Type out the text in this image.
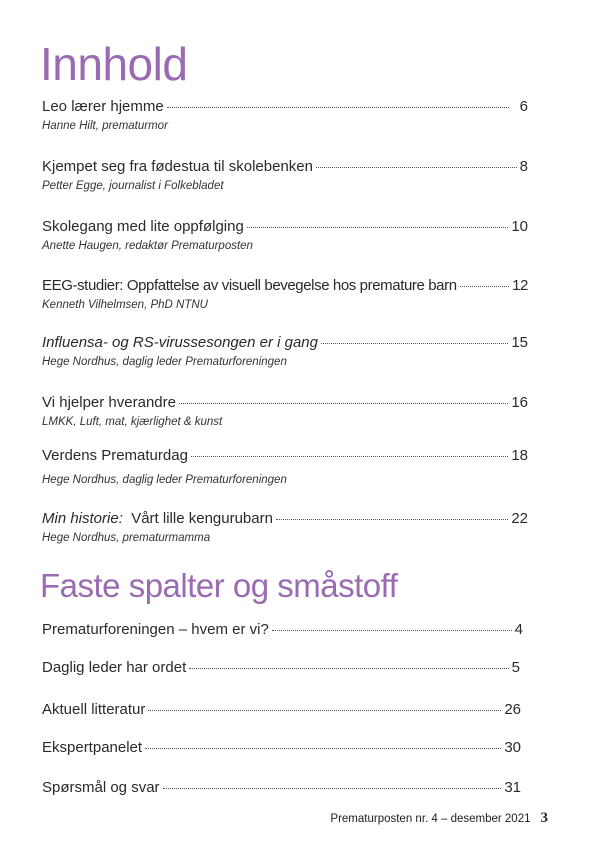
Innhold
Leo lærer hjemme	6
Hanne Hilt, prematurmor
Kjempet seg fra fødestua til skolebenken	8
Petter Egge, journalist i Folkebladet
Skolegang med lite oppfølging	10
Anette Haugen, redaktør Prematurposten
EEG-studier: Oppfattelse av visuell bevegelse hos premature barn	12
Kenneth Vilhelmsen, PhD NTNU
Influensa- og RS-virussesongen er i gang	15
Hege Nordhus, daglig leder Prematurforeningen
Vi hjelper hverandre	16
LMKK, Luft, mat, kjærlighet & kunst
Verdens Prematurdag	18
Hege Nordhus, daglig leder Prematurforeningen
Min historie: Vårt lille kengurubarn	22
Hege Nordhus, prematurmamma
Faste spalter og småstoff
Prematurforeningen – hvem er vi?	4
Daglig leder har ordet	5
Aktuell litteratur	26
Ekspertpanelet	30
Spørsmål og svar	31
Prematurposten nr. 4 – desember 2021 3
